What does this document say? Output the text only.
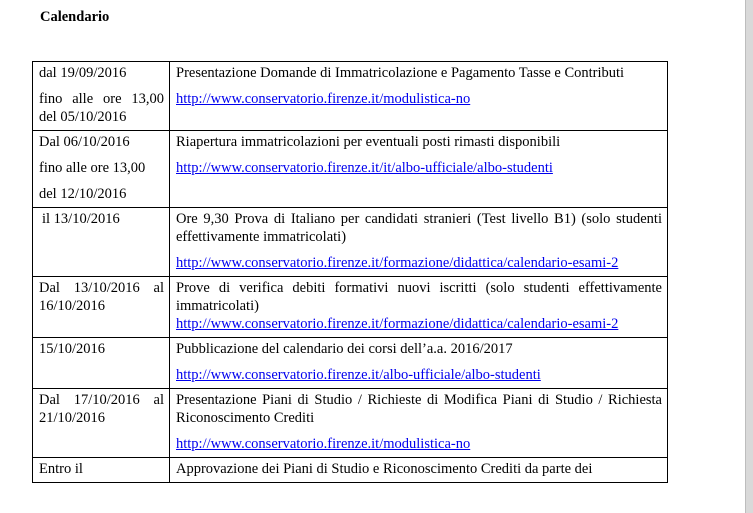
Calendario

dal 19/09/2016
fino alle ore 13,00 del 05/10/2016	Presentazione Domande di Immatricolazione e Pagamento Tasse e Contributi
http://www.conservatorio.firenze.it/modulistica-no

Dal 06/10/2016
fino alle ore 13,00
del 12/10/2016	Riapertura immatricolazioni per eventuali posti rimasti disponibili
http://www.conservatorio.firenze.it/it/albo-ufficiale/albo-studenti

il 13/10/2016	Ore 9,30 Prova di Italiano per candidati stranieri (Test livello B1) (solo studenti effettivamente immatricolati)
http://www.conservatorio.firenze.it/formazione/didattica/calendario-esami-2

Dal 13/10/2016 al 16/10/2016	Prove di verifica debiti formativi nuovi iscritti (solo studenti effettivamente immatricolati)
http://www.conservatorio.firenze.it/formazione/didattica/calendario-esami-2

15/10/2016	Pubblicazione del calendario dei corsi dell’a.a. 2016/2017
http://www.conservatorio.firenze.it/albo-ufficiale/albo-studenti

Dal 17/10/2016 al 21/10/2016	Presentazione Piani di Studio / Richieste di Modifica Piani di Studio / Richiesta Riconoscimento Crediti
http://www.conservatorio.firenze.it/modulistica-no

Entro il	Approvazione dei Piani di Studio e Riconoscimento Crediti da parte dei
